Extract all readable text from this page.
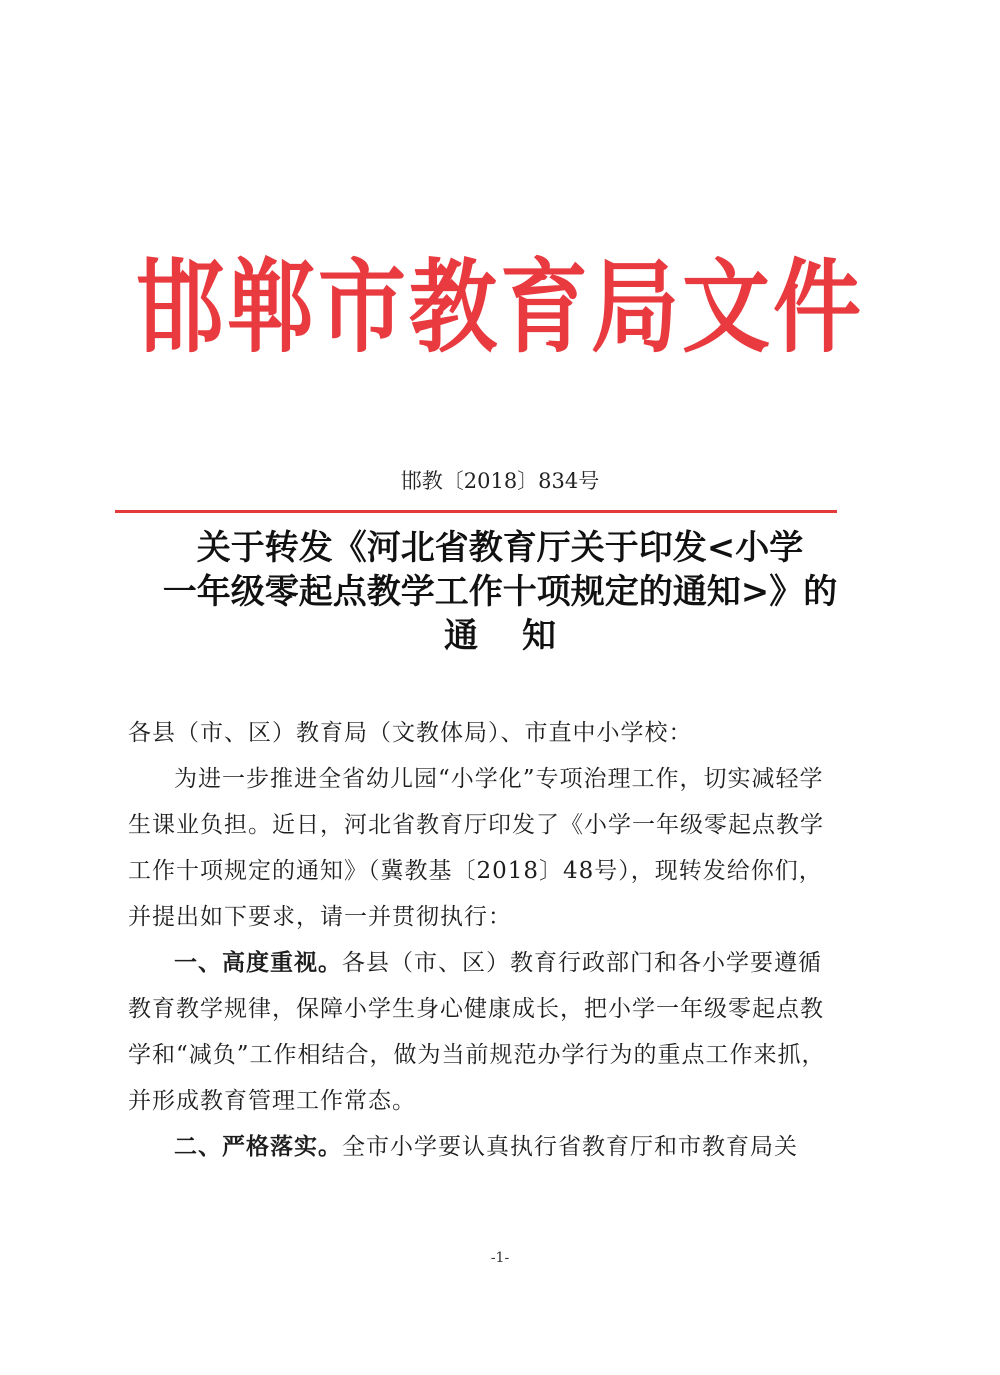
邯郸市教育局文件
邯教〔2018〕834号
关于转发《河北省教育厅关于印发<小学
一年级零起点教学工作十项规定的通知>》的
通知

各县（市、区）教育局（文教体局）、市直中小学校：

为进一步推进全省幼儿园“小学化”专项治理工作，切实减轻学生课业负担。近日，河北省教育厅印发了《小学一年级零起点教学工作十项规定的通知》（冀教基〔2018〕48号），现转发给你们，并提出如下要求，请一并贯彻执行：

一、高度重视。各县（市、区）教育行政部门和各小学要遵循教育教学规律，保障小学生身心健康成长，把小学一年级零起点教学和“减负”工作相结合，做为当前规范办学行为的重点工作来抓，并形成教育管理工作常态。

二、严格落实。全市小学要认真执行省教育厅和市教育局关

-1-
